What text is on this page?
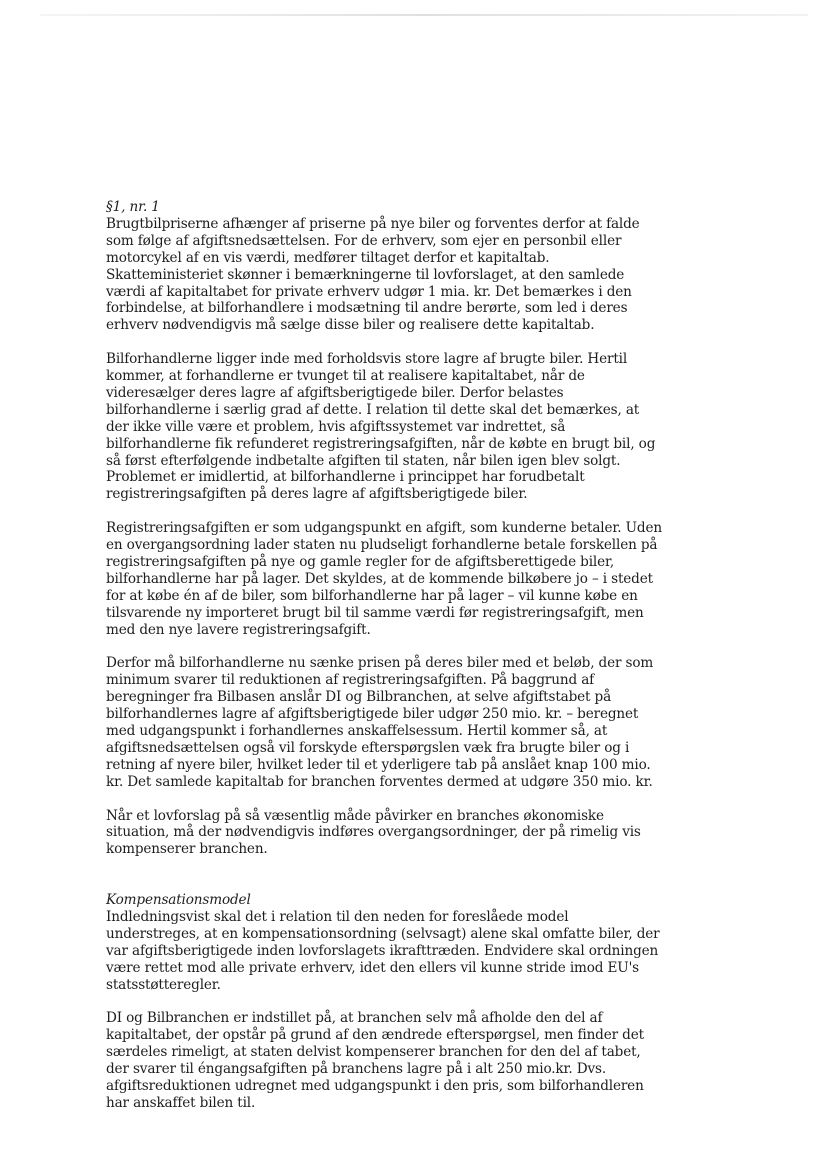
§1, nr. 1

Brugtbilpriserne afhænger af priserne på nye biler og forventes derfor at falde som følge af afgiftsnedsættelsen. For de erhverv, som ejer en personbil eller motorcykel af en vis værdi, medfører tiltaget derfor et kapitaltab. Skatteministeriet skønner i bemærkningerne til lovforslaget, at den samlede værdi af kapitaltabet for private erhverv udgør 1 mia. kr. Det bemærkes i den forbindelse, at bilforhandlere i modsætning til andre berørte, som led i deres erhverv nødvendigvis må sælge disse biler og realisere dette kapitaltab.

Bilforhandlerne ligger inde med forholdsvis store lagre af brugte biler. Hertil kommer, at forhandlerne er tvunget til at realisere kapitaltabet, når de videresælger deres lagre af afgiftsberigtigede biler. Derfor belastes bilforhandlerne i særlig grad af dette. I relation til dette skal det bemærkes, at der ikke ville være et problem, hvis afgiftssystemet var indrettet, så bilforhandlerne fik refunderet registreringsafgiften, når de købte en brugt bil, og så først efterfølgende indbetalte afgiften til staten, når bilen igen blev solgt. Problemet er imidlertid, at bilforhandlerne i princippet har forudbetalt registreringsafgiften på deres lagre af afgiftsberigtigede biler.

Registreringsafgiften er som udgangspunkt en afgift, som kunderne betaler. Uden en overgangsordning lader staten nu pludseligt forhandlerne betale forskellen på registreringsafgiften på nye og gamle regler for de afgiftsberettigede biler, bilforhandlerne har på lager. Det skyldes, at de kommende bilkøbere jo – i stedet for at købe én af de biler, som bilforhandlerne har på lager – vil kunne købe en tilsvarende ny importeret brugt bil til samme værdi før registreringsafgift, men med den nye lavere registreringsafgift.

Derfor må bilforhandlerne nu sænke prisen på deres biler med et beløb, der som minimum svarer til reduktionen af registreringsafgiften. På baggrund af beregninger fra Bilbasen anslår DI og Bilbranchen, at selve afgiftstabet på bilforhandlernes lagre af afgiftsberigtigede biler udgør 250 mio. kr. – beregnet med udgangspunkt i forhandlernes anskaffelsessum. Hertil kommer så, at afgiftsnedsættelsen også vil forskyde efterspørgslen væk fra brugte biler og i retning af nyere biler, hvilket leder til et yderligere tab på anslået knap 100 mio. kr. Det samlede kapitaltab for branchen forventes dermed at udgøre 350 mio. kr.

Når et lovforslag på så væsentlig måde påvirker en branches økonomiske situation, må der nødvendigvis indføres overgangsordninger, der på rimelig vis kompenserer branchen.

Kompensationsmodel

Indledningsvist skal det i relation til den neden for foreslåede model understreges, at en kompensationsordning (selvsagt) alene skal omfatte biler, der var afgiftsberigtigede inden lovforslagets ikrafttræden. Endvidere skal ordningen være rettet mod alle private erhverv, idet den ellers vil kunne stride imod EU's statsstøtteregler.

DI og Bilbranchen er indstillet på, at branchen selv må afholde den del af kapitaltabet, der opstår på grund af den ændrede efterspørgsel, men finder det særdeles rimeligt, at staten delvist kompenserer branchen for den del af tabet, der svarer til éngangsafgiften på branchens lagre på i alt 250 mio.kr. Dvs. afgiftsreduktionen udregnet med udgangspunkt i den pris, som bilforhandleren har anskaffet bilen til.
